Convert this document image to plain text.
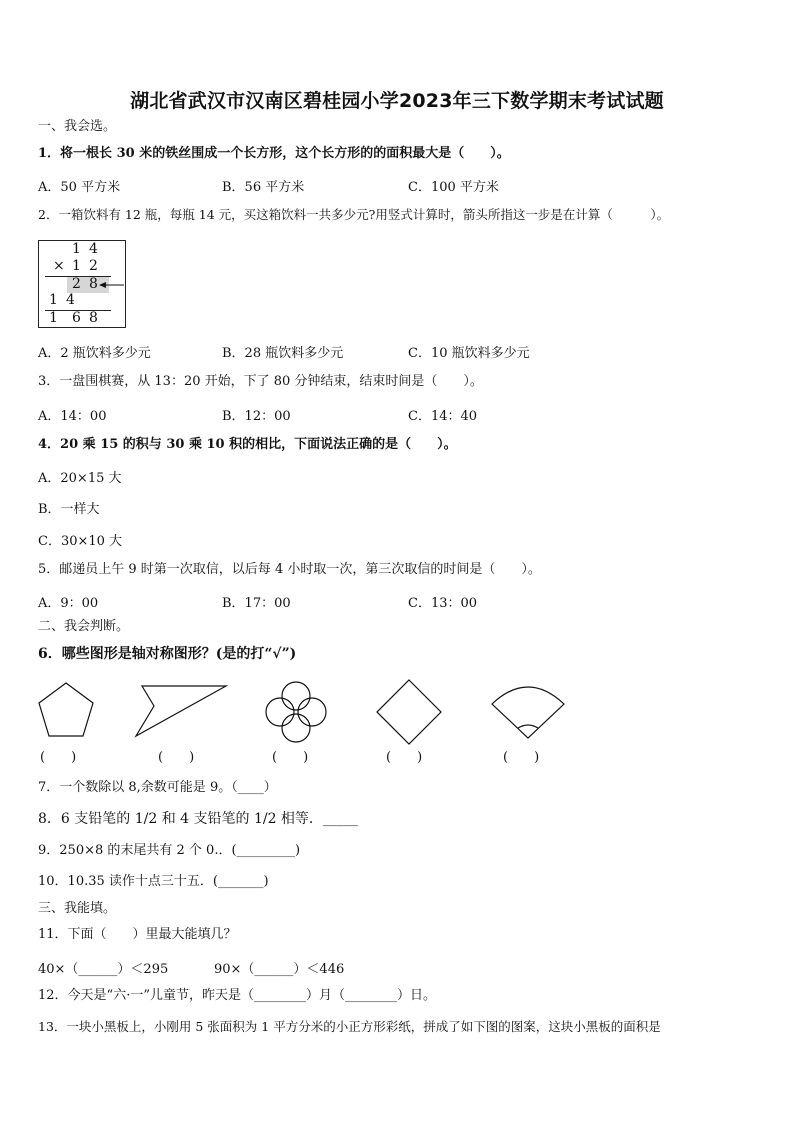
湖北省武汉市汉南区碧桂园小学2023年三下数学期末考试试题
一、我会选。
1．将一根长 30 米的铁丝围成一个长方形，这个长方形的的面积最大是（　　）。
A．50 平方米	B．56 平方米	C．100 平方米
2．一箱饮料有 12 瓶，每瓶 14 元，买这箱饮料一共多少元?用竖式计算时，箭头所指这一步是在计算（　　　）。
1 4
× 1 2
2 8
1 4
1 6 8
A．2 瓶饮料多少元	B．28 瓶饮料多少元	C．10 瓶饮料多少元
3．一盘围棋赛，从 13：20 开始，下了 80 分钟结束，结束时间是（　　）。
A．14：00	B．12：00	C．14：40
4．20 乘 15 的积与 30 乘 10 积的相比，下面说法正确的是（　　）。
A．20×15 大
B．一样大
C．30×10 大
5．邮递员上午 9 时第一次取信，以后每 4 小时取一次，第三次取信的时间是（　　）。
A．9：00	B．17：00	C．13：00
二、我会判断。
6．哪些图形是轴对称图形？(是的打“√”)
(　　)	(　　)	(　　)	(　　)	(　　)
7．一个数除以 8,余数可能是 9。（____）
8．6 支铅笔的 1/2 和 4 支铅笔的 1/2 相等．_____
9．250×8 的末尾共有 2 个 0.．(_________)
10．10.35 读作十点三十五．(_______)
三、我能填。
11．下面（　　）里最大能填几？
40×（______）＜295	90×（______）＜446
12．今天是“六·一”儿童节，昨天是（________）月（________）日。
13．一块小黑板上，小刚用 5 张面积为 1 平方分米的小正方形彩纸，拼成了如下图的图案，这块小黑板的面积是
